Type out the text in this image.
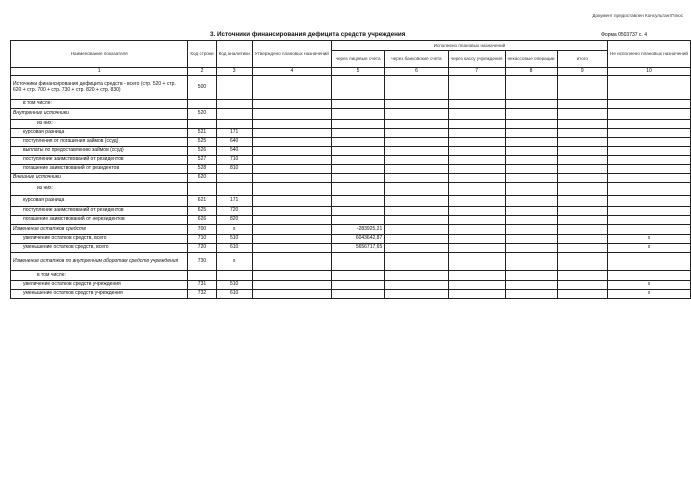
Документ предоставлен КонсультантПлюс
3. Источники финансирования дефицита средств учреждения	Форма 0503737 с. 4
Наименование показателя	Код строки	Код аналитики	Утверждено плановых назначений	Исполнено плановых назначений					Не исполнено плановых назначений
				через лицевые счета	через банковские счета	через кассу учреждения	некассовые операции	итого	
1	2	3	4	5	6	7	8	9	10
Источники финансирования дефицита средств - всего (стр. 520 + стр. 620 + стр. 700 + стр. 730 + стр. 820 + стр. 830)	500								
в том числе:									
Внутренние источники	520								
из них:									
курсовая разница	521	171							
поступления от погашения займов (ссуд)	525	640							
выплаты по предоставлению займов (ссуд)	526	540							
поступление заимствований от резидентов	527	710							
погашение заимствований от резидентов	528	810							
Внешние источники	620								
из них:									
курсовая разница	621	171							
поступление заимствований от резидентов	625	720							
погашение заимствований от нерезидентов	626	820							
Изменение остатков средств	700	x		-283925,21					
увеличение остатков средств, всего	710	510		6043642,87					x
уменьшение остатков средств, всего	720	610		5656717,65					x
Изменение остатков по внутренним оборотам средств учреждения	730	x							
в том числе:									
увеличение остатков средств учреждения	731	510							x
уменьшение остатков средств учреждения	732	610							x
